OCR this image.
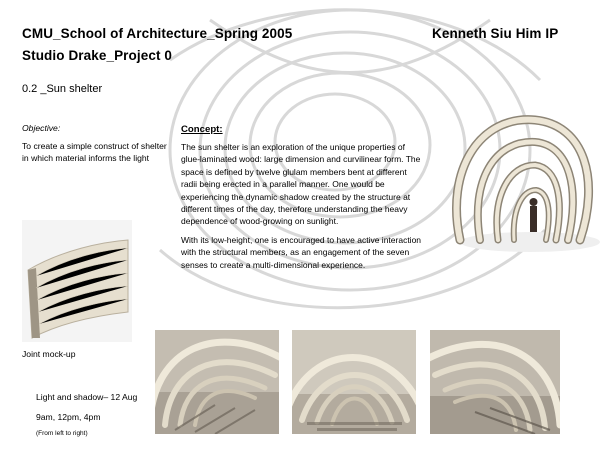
CMU_School of Architecture_Spring 2005	Kenneth Siu Him IP
Studio Drake_Project 0
0.2 _Sun shelter
Objective:
To create a simple construct of shelter in which material informs the light
Concept:

The sun shelter is an exploration of the unique properties of glue-laminated wood: large dimension and curvilinear form. The space is defined by twelve glulam members bent at different radii being erected in a parallel manner. One would be experiencing the dynamic shadow created by the structure at different times of the day, therefore understanding the heavy dependence of wood-growing on sunlight.

With its low-height, one is encouraged to have active interaction with the structural members, as an engagement of the seven senses to create a multi-dimensional experience.

Joint mock-up
Light and shadow– 12 Aug
9am, 12pm, 4pm
(From left to right)
